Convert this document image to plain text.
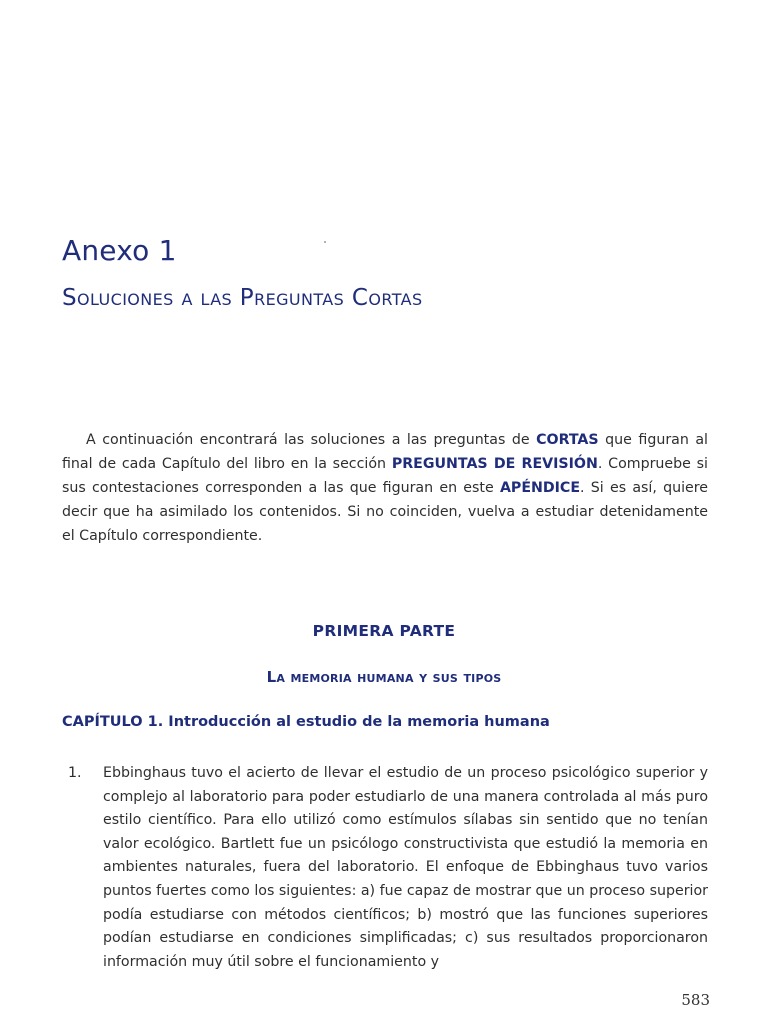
Anexo 1
Soluciones a las Preguntas Cortas

A continuación encontrará las soluciones a las preguntas de CORTAS que figuran al final de cada Capítulo del libro en la sección PREGUNTAS DE REVISIÓN. Compruebe si sus contestaciones corresponden a las que figuran en este APÉNDICE. Si es así, quiere decir que ha asimilado los contenidos. Si no coinciden, vuelva a estudiar detenidamente el Capítulo correspondiente.

PRIMERA PARTE
La memoria humana y sus tipos
CAPÍTULO 1. Introducción al estudio de la memoria humana
1. Ebbinghaus tuvo el acierto de llevar el estudio de un proceso psicológico superior y complejo al laboratorio para poder estudiarlo de una manera controlada al más puro estilo científico. Para ello utilizó como estímulos sílabas sin sentido que no tenían valor ecológico. Bartlett fue un psicólogo constructivista que estudió la memoria en ambientes naturales, fuera del laboratorio. El enfoque de Ebbinghaus tuvo varios puntos fuertes como los siguientes: a) fue capaz de mostrar que un proceso superior podía estudiarse con métodos científicos; b) mostró que las funciones superiores podían estudiarse en condiciones simplificadas; c) sus resultados proporcionaron información muy útil sobre el funcionamiento y

583
